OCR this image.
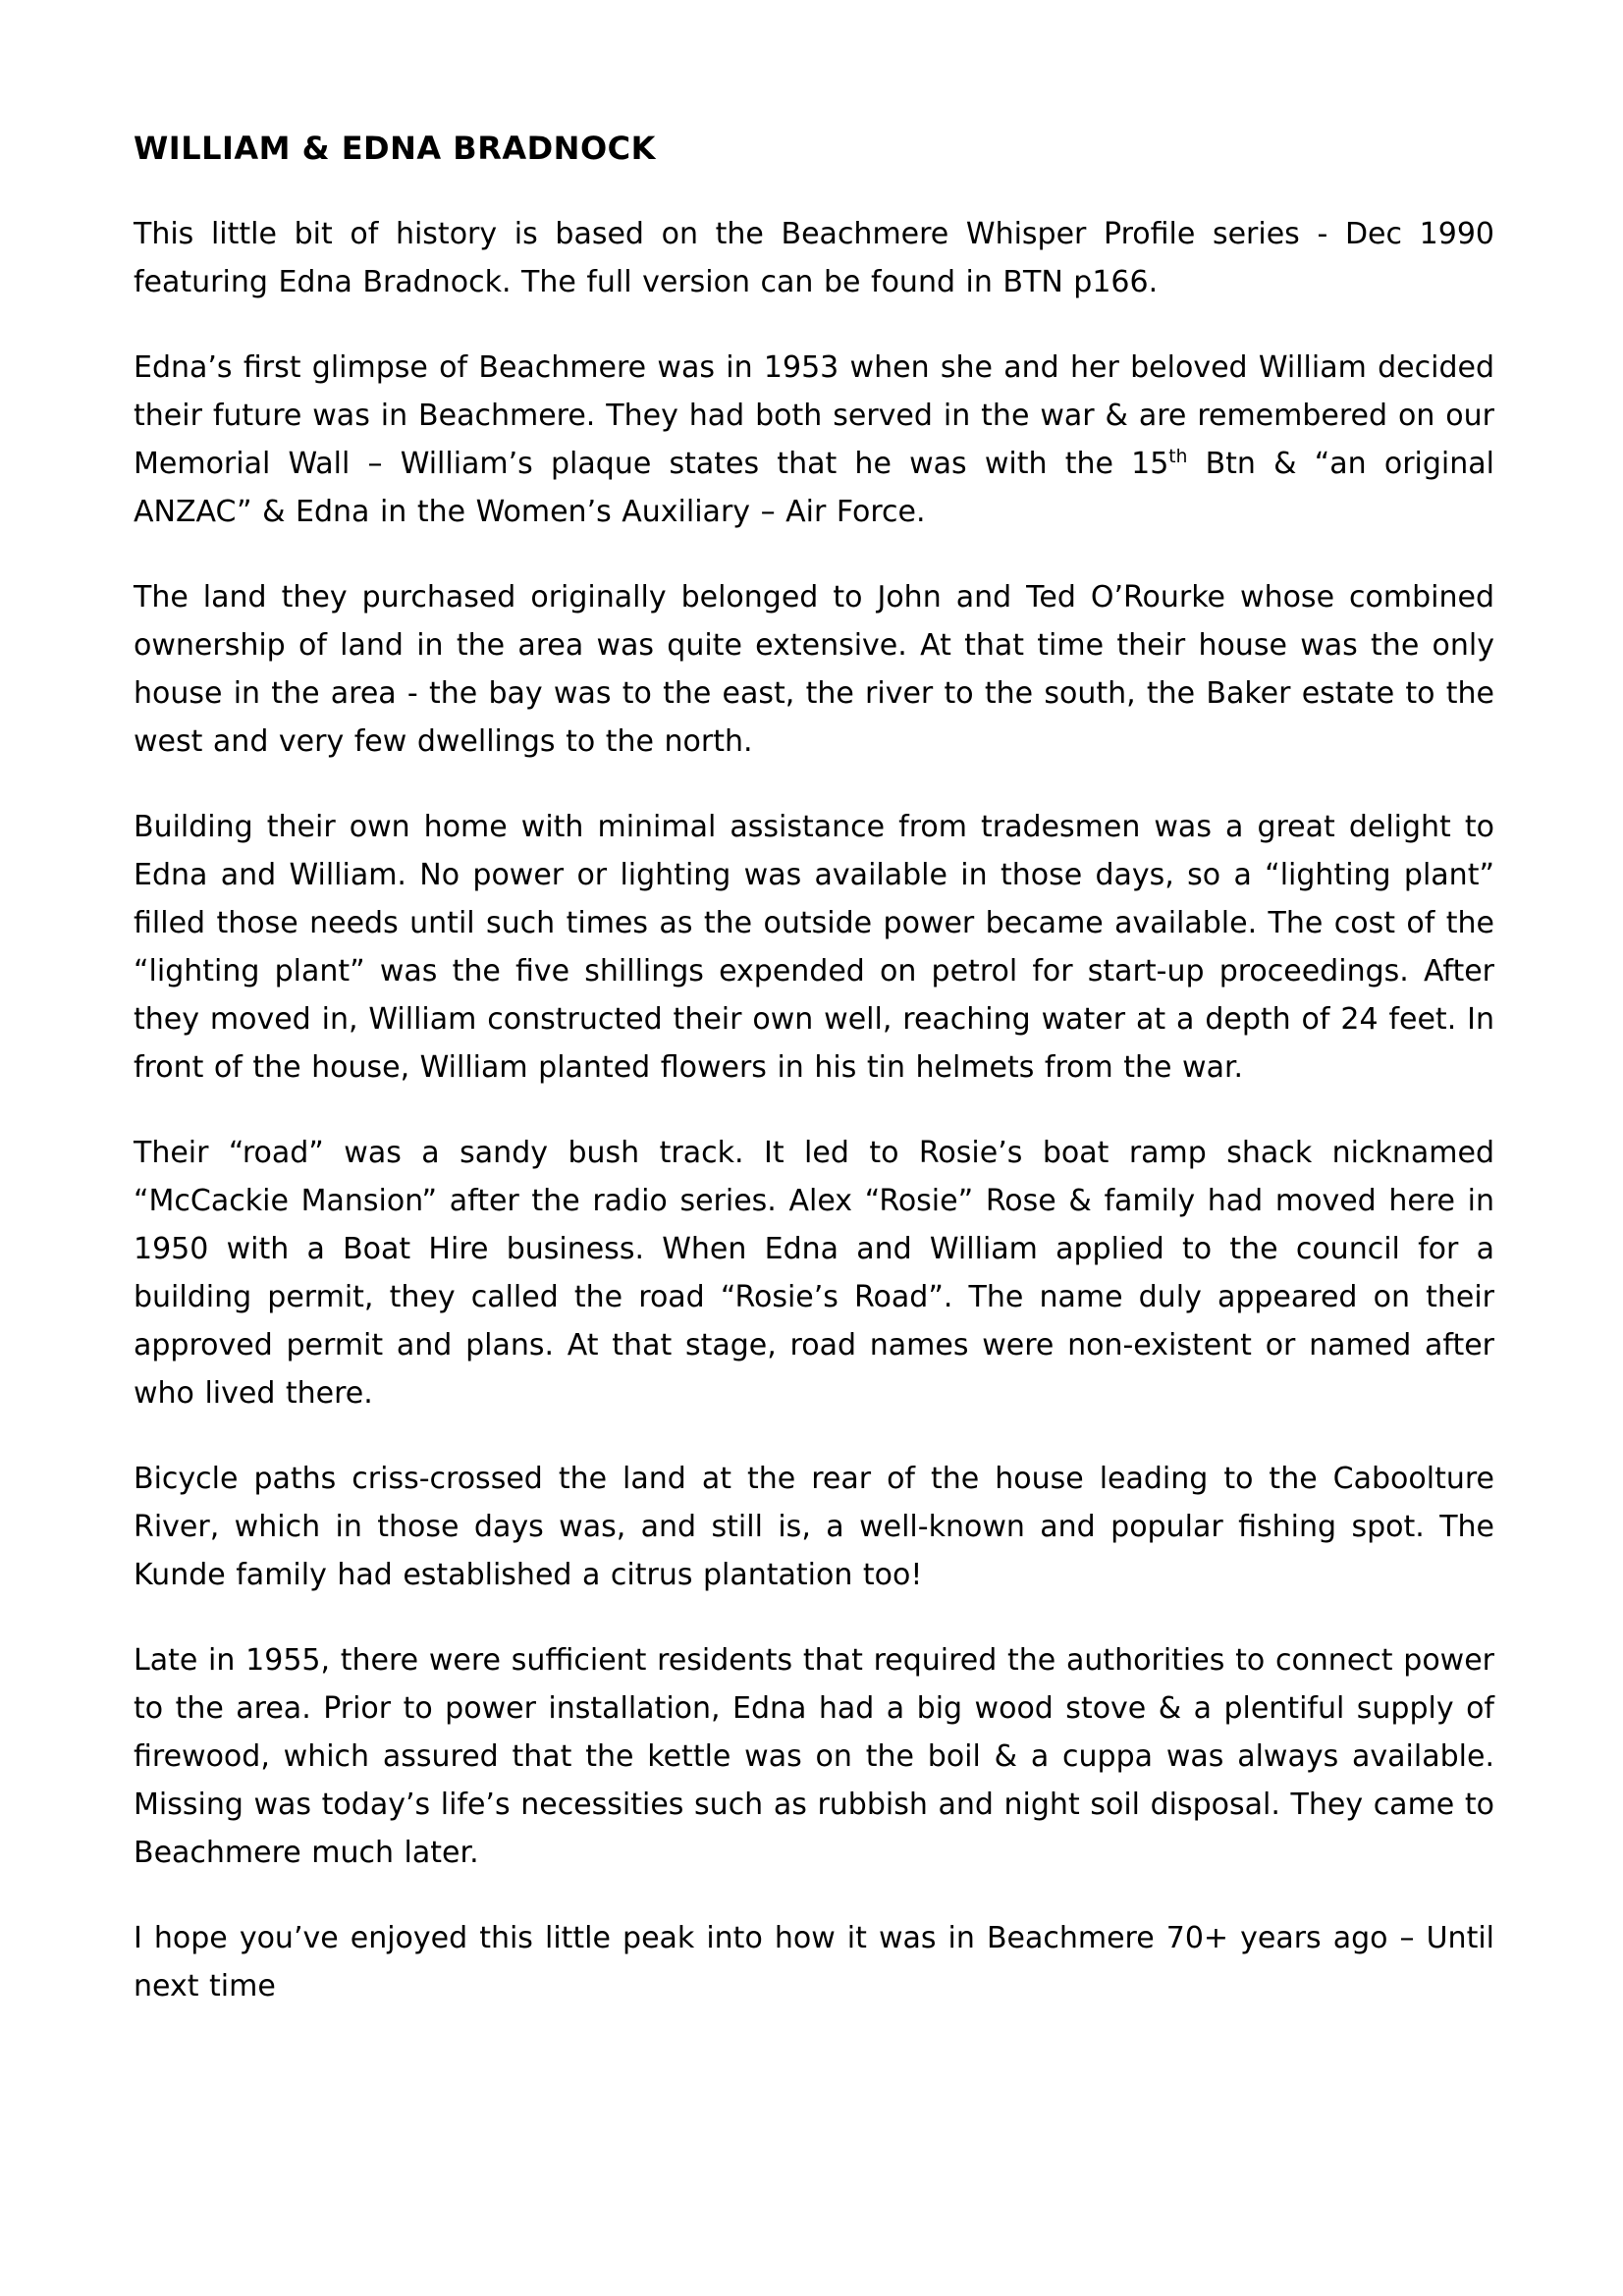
WILLIAM & EDNA BRADNOCK

This little bit of history is based on the Beachmere Whisper Profile series - Dec 1990 featuring Edna Bradnock. The full version can be found in BTN p166.

Edna’s first glimpse of Beachmere was in 1953 when she and her beloved William decided their future was in Beachmere. They had both served in the war & are remembered on our Memorial Wall – William’s plaque states that he was with the 15th Btn & “an original ANZAC” & Edna in the Women’s Auxiliary – Air Force.

The land they purchased originally belonged to John and Ted O’Rourke whose combined ownership of land in the area was quite extensive. At that time their house was the only house in the area - the bay was to the east, the river to the south, the Baker estate to the west and very few dwellings to the north.

Building their own home with minimal assistance from tradesmen was a great delight to Edna and William. No power or lighting was available in those days, so a “lighting plant” filled those needs until such times as the outside power became available. The cost of the “lighting plant” was the five shillings expended on petrol for start-up proceedings. After they moved in, William constructed their own well, reaching water at a depth of 24 feet. In front of the house, William planted flowers in his tin helmets from the war.

Their “road” was a sandy bush track. It led to Rosie’s boat ramp shack nicknamed “McCackie Mansion” after the radio series. Alex “Rosie” Rose & family had moved here in 1950 with a Boat Hire business. When Edna and William applied to the council for a building permit, they called the road “Rosie’s Road”. The name duly appeared on their approved permit and plans. At that stage, road names were non-existent or named after who lived there.

Bicycle paths criss-crossed the land at the rear of the house leading to the Caboolture River, which in those days was, and still is, a well-known and popular fishing spot. The Kunde family had established a citrus plantation too!

Late in 1955, there were sufficient residents that required the authorities to connect power to the area. Prior to power installation, Edna had a big wood stove & a plentiful supply of firewood, which assured that the kettle was on the boil & a cuppa was always available. Missing was today’s life’s necessities such as rubbish and night soil disposal. They came to Beachmere much later.

I hope you’ve enjoyed this little peak into how it was in Beachmere 70+ years ago – Until next time
